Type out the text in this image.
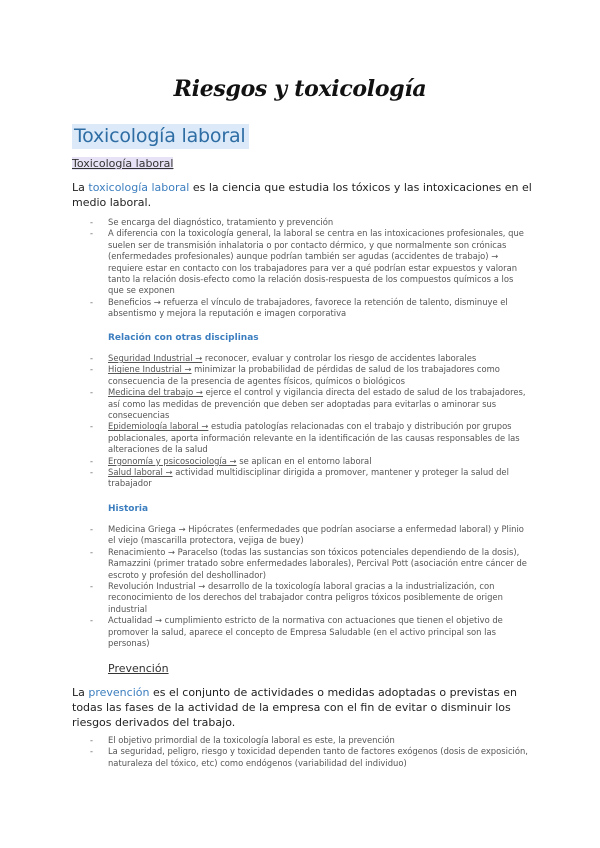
Riesgos y toxicología
Toxicología laboral
Toxicología laboral
La toxicología laboral es la ciencia que estudia los tóxicos y las intoxicaciones en el medio laboral.
- Se encarga del diagnóstico, tratamiento y prevención
- A diferencia con la toxicología general, la laboral se centra en las intoxicaciones profesionales, que suelen ser de transmisión inhalatoria o por contacto dérmico, y que normalmente son crónicas (enfermedades profesionales) aunque podrían también ser agudas (accidentes de trabajo) → requiere estar en contacto con los trabajadores para ver a qué podrían estar expuestos y valoran tanto la relación dosis-efecto como la relación dosis-respuesta de los compuestos químicos a los que se exponen
- Beneficios → refuerza el vínculo de trabajadores, favorece la retención de talento, disminuye el absentismo y mejora la reputación e imagen corporativa
Relación con otras disciplinas
- Seguridad Industrial → reconocer, evaluar y controlar los riesgo de accidentes laborales
- Higiene Industrial → minimizar la probabilidad de pérdidas de salud de los trabajadores como consecuencia de la presencia de agentes físicos, químicos o biológicos
- Medicina del trabajo → ejerce el control y vigilancia directa del estado de salud de los trabajadores, así como las medidas de prevención que deben ser adoptadas para evitarlas o aminorar sus consecuencias
- Epidemiología laboral → estudia patologías relacionadas con el trabajo y distribución por grupos poblacionales, aporta información relevante en la identificación de las causas responsables de las alteraciones de la salud
- Ergonomía y psicosociología → se aplican en el entorno laboral
- Salud laboral → actividad multidisciplinar dirigida a promover, mantener y proteger la salud del trabajador
Historia
- Medicina Griega → Hipócrates (enfermedades que podrían asociarse a enfermedad laboral) y Plinio el viejo (mascarilla protectora, vejiga de buey)
- Renacimiento → Paracelso (todas las sustancias son tóxicos potenciales dependiendo de la dosis), Ramazzini (primer tratado sobre enfermedades laborales), Percival Pott (asociación entre cáncer de escroto y profesión del deshollinador)
- Revolución Industrial → desarrollo de la toxicología laboral gracias a la industrialización, con reconocimiento de los derechos del trabajador contra peligros tóxicos posiblemente de origen industrial
- Actualidad → cumplimiento estricto de la normativa con actuaciones que tienen el objetivo de promover la salud, aparece el concepto de Empresa Saludable (en el activo principal son las personas)
Prevención
La prevención es el conjunto de actividades o medidas adoptadas o previstas en todas las fases de la actividad de la empresa con el fin de evitar o disminuir los riesgos derivados del trabajo.
- El objetivo primordial de la toxicología laboral es este, la prevención
- La seguridad, peligro, riesgo y toxicidad dependen tanto de factores exógenos (dosis de exposición, naturaleza del tóxico, etc) como endógenos (variabilidad del individuo)
